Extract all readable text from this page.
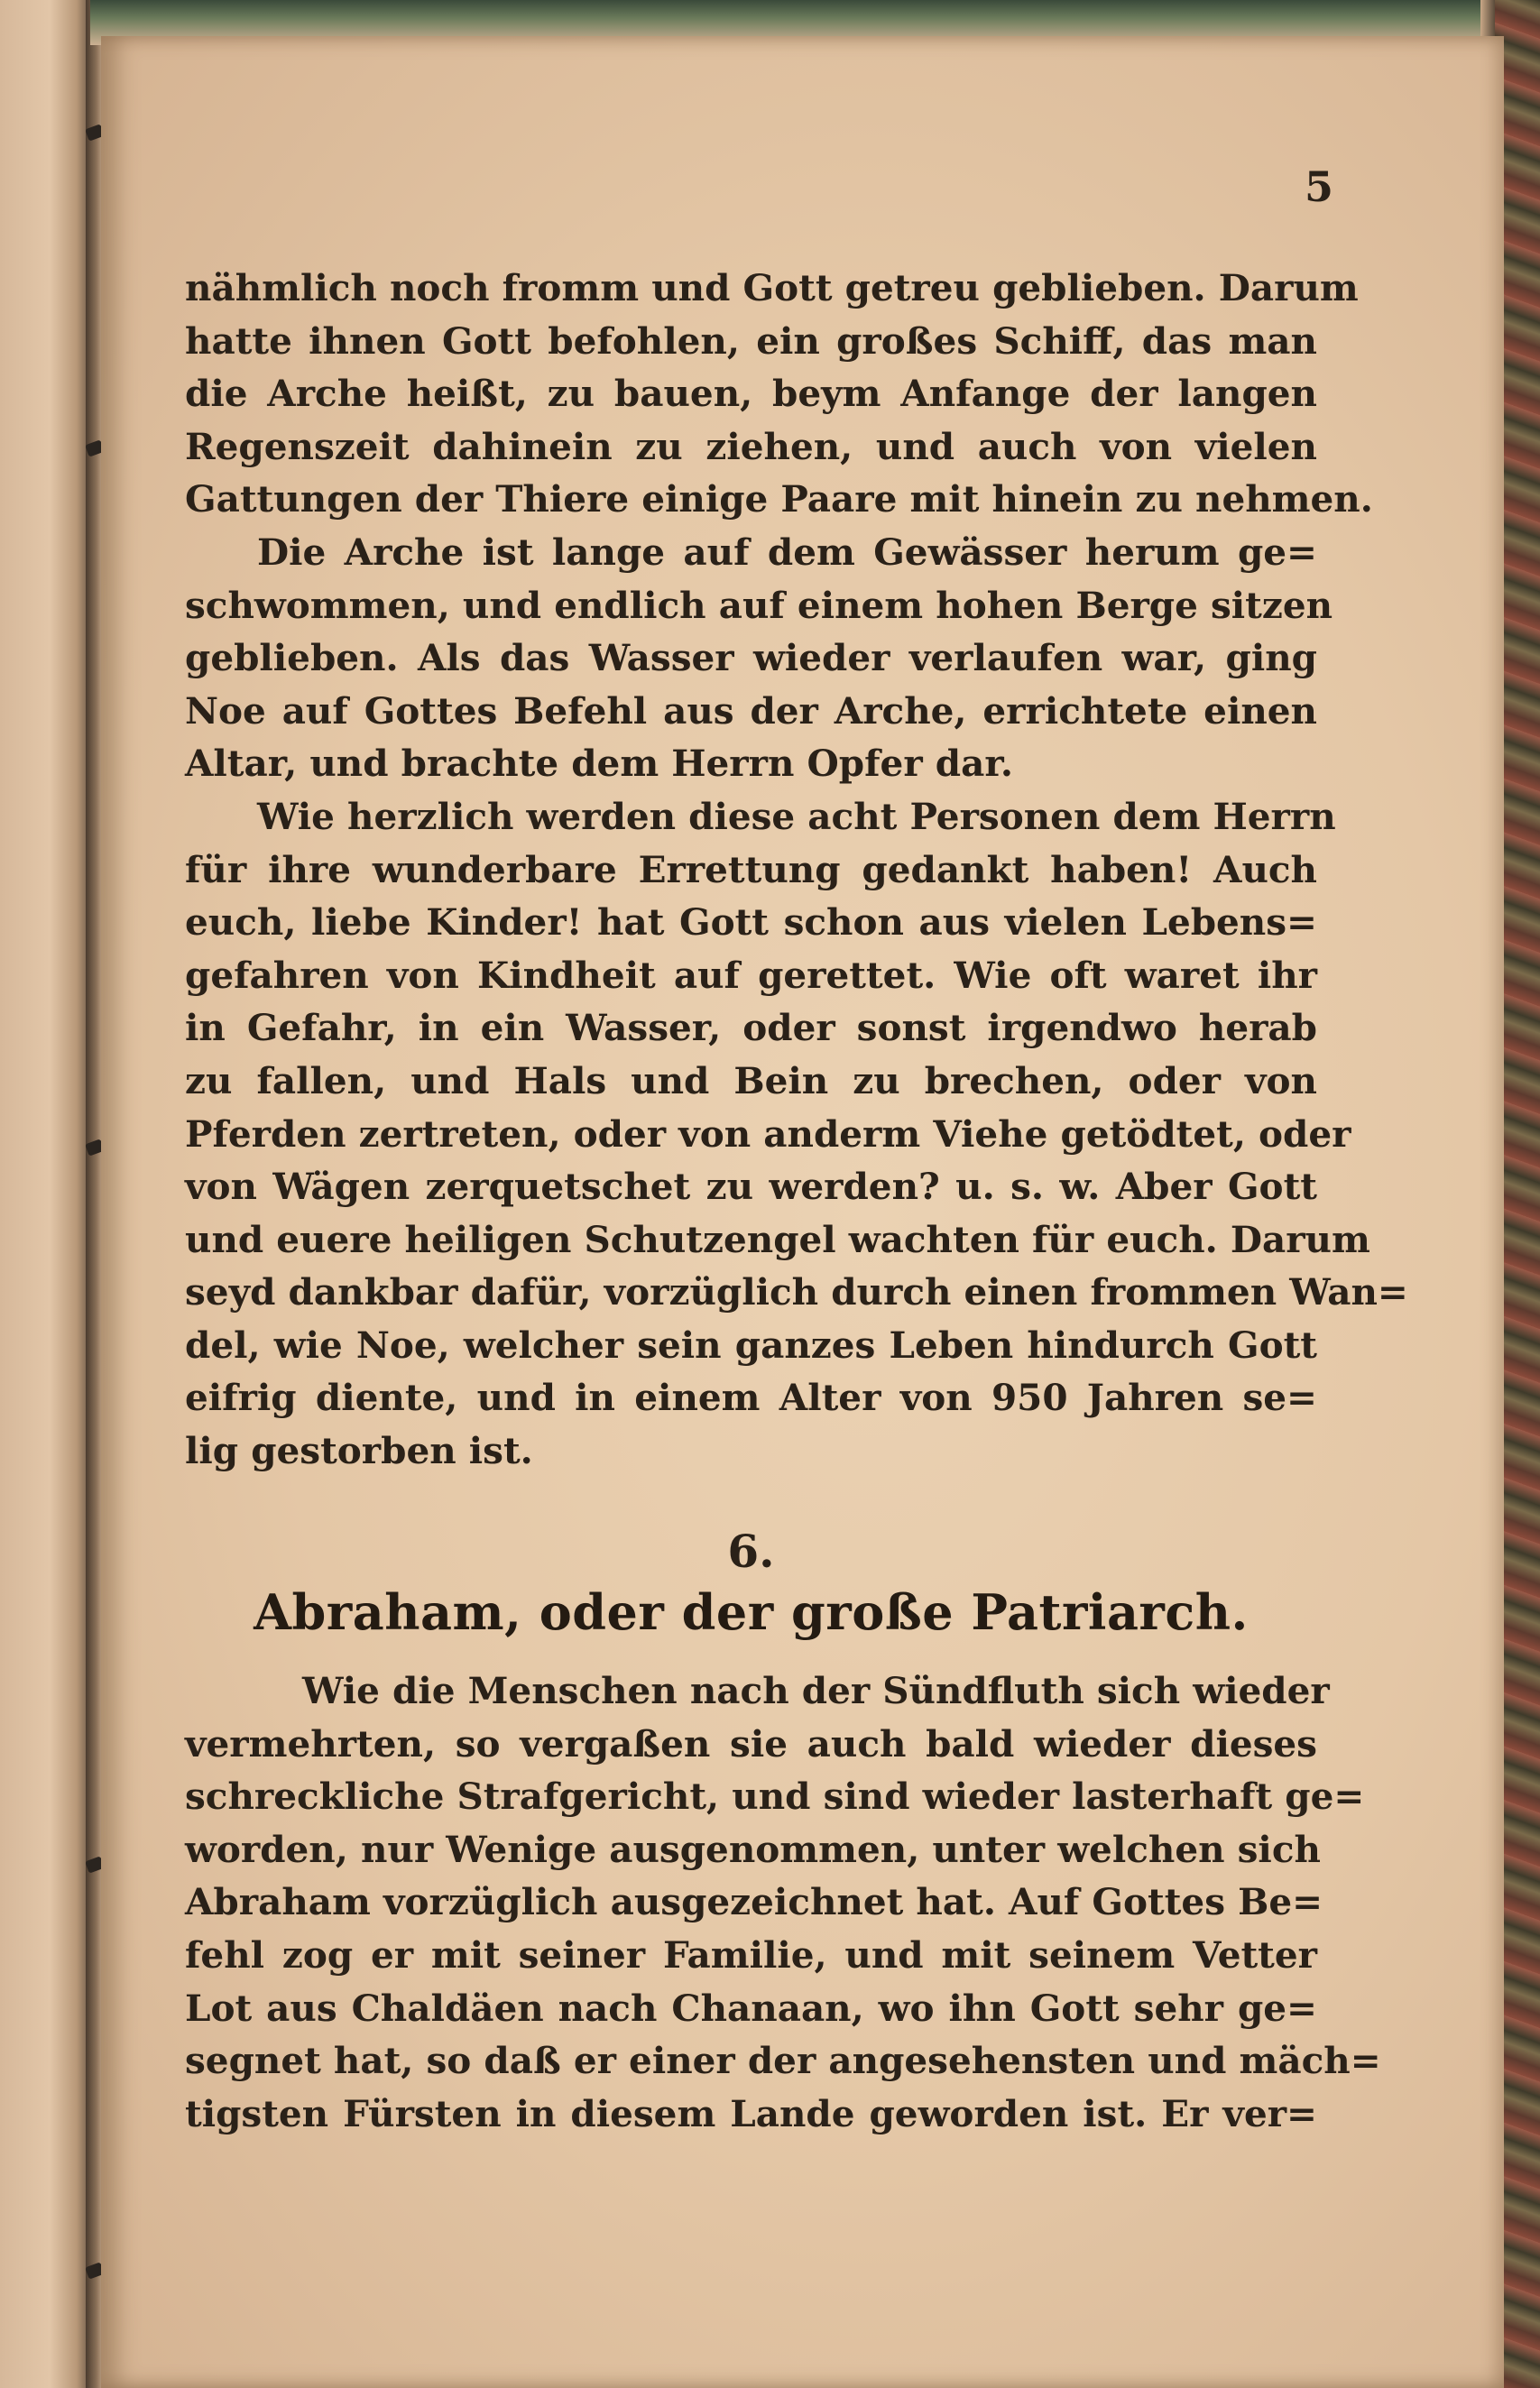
5
nähmlich noch fromm und Gott getreu geblieben. Darum
hatte ihnen Gott befohlen, ein großes Schiff, das man
die Arche heißt, zu bauen, beym Anfange der langen
Regenszeit dahinein zu ziehen, und auch von vielen
Gattungen der Thiere einige Paare mit hinein zu nehmen.
Die Arche ist lange auf dem Gewässer herum ge=
schwommen, und endlich auf einem hohen Berge sitzen
geblieben. Als das Wasser wieder verlaufen war, ging
Noe auf Gottes Befehl aus der Arche, errichtete einen
Altar, und brachte dem Herrn Opfer dar.
Wie herzlich werden diese acht Personen dem Herrn
für ihre wunderbare Errettung gedankt haben! Auch
euch, liebe Kinder! hat Gott schon aus vielen Lebens=
gefahren von Kindheit auf gerettet. Wie oft waret ihr
in Gefahr, in ein Wasser, oder sonst irgendwo herab
zu fallen, und Hals und Bein zu brechen, oder von
Pferden zertreten, oder von anderm Viehe getödtet, oder
von Wägen zerquetschet zu werden? u. s. w. Aber Gott
und euere heiligen Schutzengel wachten für euch. Darum
seyd dankbar dafür, vorzüglich durch einen frommen Wan=
del, wie Noe, welcher sein ganzes Leben hindurch Gott
eifrig diente, und in einem Alter von 950 Jahren se=
lig gestorben ist.
6.
Abraham, oder der große Patriarch.
Wie die Menschen nach der Sündfluth sich wieder
vermehrten, so vergaßen sie auch bald wieder dieses
schreckliche Strafgericht, und sind wieder lasterhaft ge=
worden, nur Wenige ausgenommen, unter welchen sich
Abraham vorzüglich ausgezeichnet hat. Auf Gottes Be=
fehl zog er mit seiner Familie, und mit seinem Vetter
Lot aus Chaldäen nach Chanaan, wo ihn Gott sehr ge=
segnet hat, so daß er einer der angesehensten und mäch=
tigsten Fürsten in diesem Lande geworden ist. Er ver=
